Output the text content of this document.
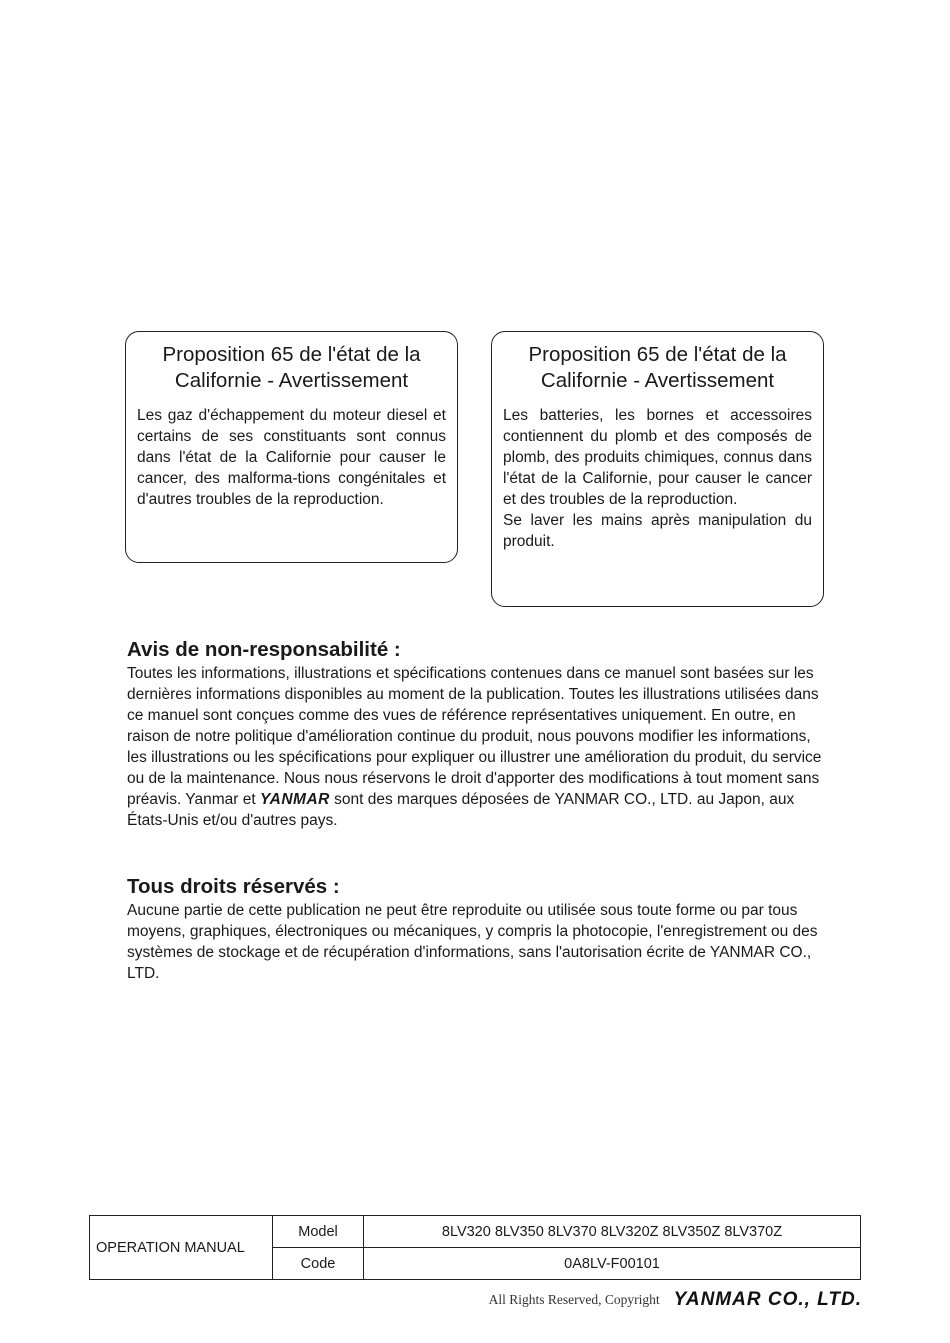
Proposition 65 de l'état de la
Californie - Avertissement

Les gaz d'échappement du moteur diesel et certains de ses constituants sont connus dans l'état de la Californie pour causer le cancer, des malforma-tions congénitales et d'autres troubles de la reproduction.

Proposition 65 de l'état de la
Californie - Avertissement

Les batteries, les bornes et accessoires contiennent du plomb et des composés de plomb, des produits chimiques, connus dans l'état de la Californie, pour causer le cancer et des troubles de la reproduction.

Se laver les mains après manipulation du produit.

Avis de non-responsabilité :

Toutes les informations, illustrations et spécifications contenues dans ce manuel sont basées sur les dernières informations disponibles au moment de la publication. Toutes les illustrations utilisées dans ce manuel sont conçues comme des vues de référence représentatives uniquement. En outre, en raison de notre politique d'amélioration continue du produit, nous pouvons modifier les informations, les illustrations ou les spécifications pour expliquer ou illustrer une amélioration du produit, du service ou de la maintenance. Nous nous réservons le droit d'apporter des modifications à tout moment sans préavis. Yanmar et YANMAR sont des marques déposées de YANMAR CO., LTD. au Japon, aux États-Unis et/ou d'autres pays.

Tous droits réservés :

Aucune partie de cette publication ne peut être reproduite ou utilisée sous toute forme ou par tous moyens, graphiques, électroniques ou mécaniques, y compris la photocopie, l'enregistrement ou des systèmes de stockage et de récupération d'informations, sans l'autorisation écrite de YANMAR CO., LTD.

OPERATION MANUAL	Model	8LV320 8LV350 8LV370 8LV320Z 8LV350Z 8LV370Z
	Code	0A8LV-F00101
All Rights Reserved, Copyright YANMAR CO., LTD.
